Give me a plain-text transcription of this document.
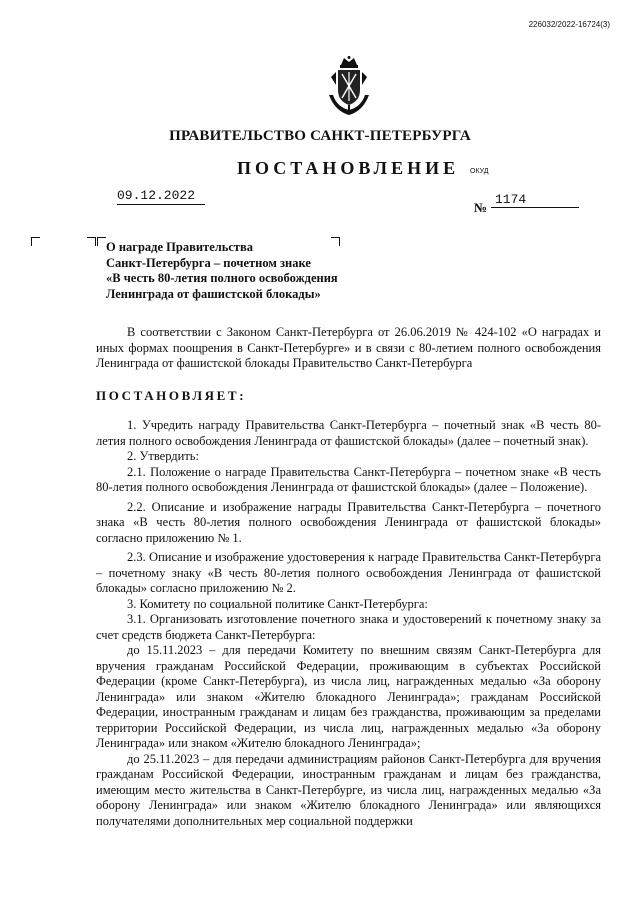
226032/2022-16724(3)
ПРАВИТЕЛЬСТВО САНКТ-ПЕТЕРБУРГА
ПОСТАНОВЛЕНИЕ ОКУД
09.12.2022
№
1174
О награде Правительства
Санкт-Петербурга – почетном знаке
«В честь 80-летия полного освобождения
Ленинграда от фашистской блокады»
В соответствии с Законом Санкт-Петербурга от 26.06.2019 № 424-102 «О наградах и иных формах поощрения в Санкт-Петербурге» и в связи с 80-летием полного освобождения Ленинграда от фашистской блокады Правительство Санкт-Петербурга
ПОСТАНОВЛЯЕТ:

1. Учредить награду Правительства Санкт-Петербурга – почетный знак «В честь 80-летия полного освобождения Ленинграда от фашистской блокады» (далее – почетный знак).

2. Утвердить:

2.1. Положение о награде Правительства Санкт-Петербурга – почетном знаке «В честь 80-летия полного освобождения Ленинграда от фашистской блокады» (далее – Положение).

2.2. Описание и изображение награды Правительства Санкт-Петербурга – почетного знака «В честь 80-летия полного освобождения Ленинграда от фашистской блокады» согласно приложению № 1.

2.3. Описание и изображение удостоверения к награде Правительства Санкт-Петербурга – почетному знаку «В честь 80-летия полного освобождения Ленинграда от фашистской блокады» согласно приложению № 2.

3. Комитету по социальной политике Санкт-Петербурга:

3.1. Организовать изготовление почетного знака и удостоверений к почетному знаку за счет средств бюджета Санкт-Петербурга:

до 15.11.2023 – для передачи Комитету по внешним связям Санкт-Петербурга для вручения гражданам Российской Федерации, проживающим в субъектах Российской Федерации (кроме Санкт-Петербурга), из числа лиц, награжденных медалью «За оборону Ленинграда» или знаком «Жителю блокадного Ленинграда»; гражданам Российской Федерации, иностранным гражданам и лицам без гражданства, проживающим за пределами территории Российской Федерации, из числа лиц, награжденных медалью «За оборону Ленинграда» или знаком «Жителю блокадного Ленинграда»;

до 25.11.2023 – для передачи администрациям районов Санкт-Петербурга для вручения гражданам Российской Федерации, иностранным гражданам и лицам без гражданства, имеющим место жительства в Санкт-Петербурге, из числа лиц, награжденных медалью «За оборону Ленинграда» или знаком «Жителю блокадного Ленинграда» или являющихся получателями дополнительных мер социальной поддержки
